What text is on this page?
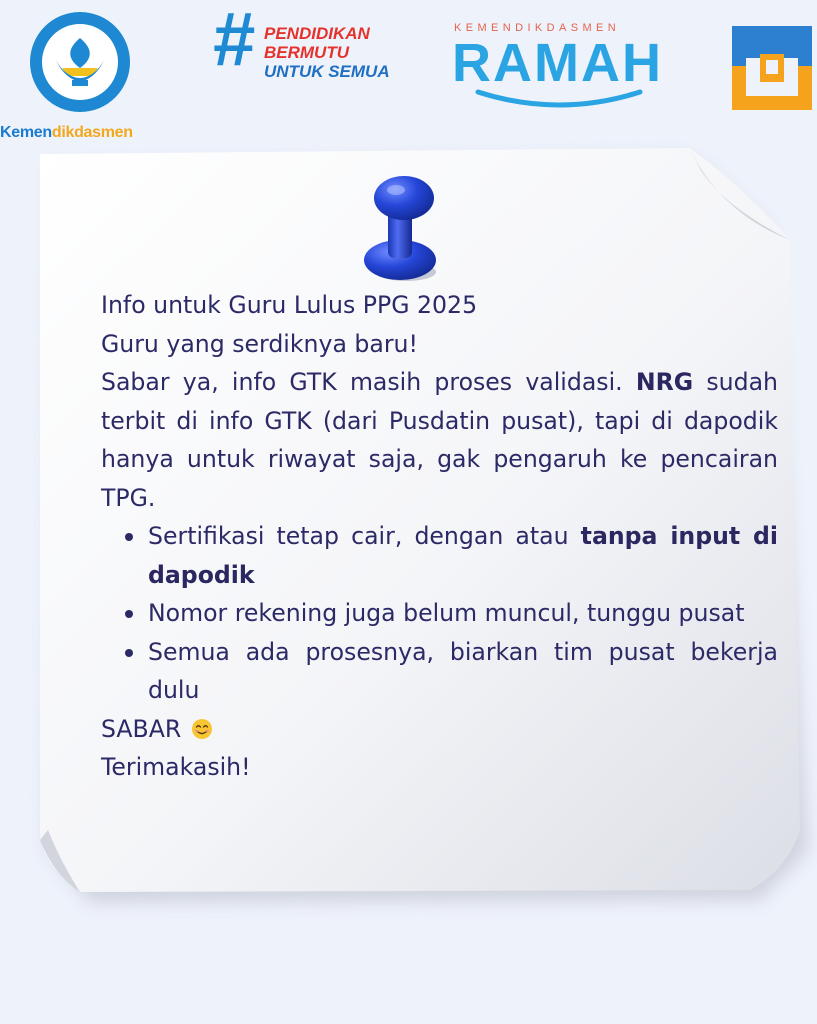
Kemendikdasmen
# PENDIDIKAN
BERMUTU
UNTUK SEMUA
KEMENDIKDASMEN
RAMAH

Info untuk Guru Lulus PPG 2025

Guru yang serdiknya baru!

Sabar ya, info GTK masih proses validasi. NRG sudah terbit di info GTK (dari Pusdatin pusat), tapi di dapodik hanya untuk riwayat saja, gak pengaruh ke pencairan TPG.

Sertifikasi tetap cair, dengan atau tanpa input di dapodik
Nomor rekening juga belum muncul, tunggu pusat
Semua ada prosesnya, biarkan tim pusat bekerja dulu

SABAR

Terimakasih!
